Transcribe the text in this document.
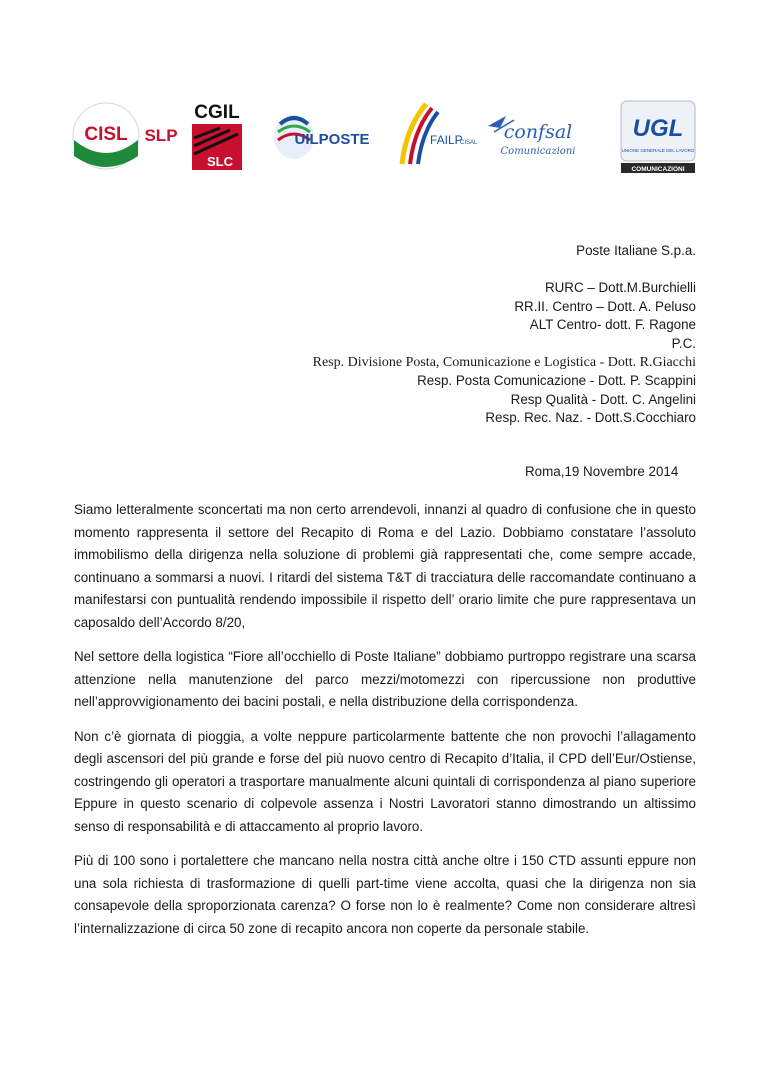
CISL SLP
CGIL
SLC
UILPOSTE	FAILP
CISAL confsal
Comunicazioni
UGL
UNIONE GENERALE DEL LAVORO
COMUNICAZIONI
Poste Italiane S.p.a.

RURC – Dott.M.Burchielli
RR.II. Centro – Dott. A. Peluso
ALT Centro- dott. F. Ragone
P.C.
Resp. Divisione Posta, Comunicazione e Logistica - Dott. R.Giacchi
Resp. Posta Comunicazione - Dott. P. Scappini
Resp Qualità - Dott. C. Angelini
Resp. Rec. Naz. - Dott.S.Cocchiaro
Roma,19 Novembre 2014

Siamo letteralmente sconcertati ma non certo arrendevoli, innanzi al quadro di confusione che in questo momento rappresenta il settore del Recapito di Roma e del Lazio. Dobbiamo constatare l’assoluto immobilismo della dirigenza nella soluzione di problemi già rappresentati che, come sempre accade, continuano a sommarsi a nuovi. I ritardi del sistema T&T di tracciatura delle raccomandate continuano a manifestarsi con puntualità rendendo impossibile il rispetto dell’ orario limite che pure rappresentava un caposaldo dell’Accordo 8/20,

Nel settore della logistica “Fiore all’occhiello di Poste Italiane” dobbiamo purtroppo registrare una scarsa attenzione nella manutenzione del parco mezzi/motomezzi con ripercussione non produttive nell’approvvigionamento dei bacini postali, e nella distribuzione della corrispondenza.

Non c’è giornata di pioggia, a volte neppure particolarmente battente che non provochi l’allagamento degli ascensori del più grande e forse del più nuovo centro di Recapito d’Italia, il CPD dell’Eur/Ostiense, costringendo gli operatori a trasportare manualmente alcuni quintali di corrispondenza al piano superiore Eppure in questo scenario di colpevole assenza i Nostri Lavoratori stanno dimostrando un altissimo senso di responsabilità e di attaccamento al proprio lavoro.

Più di 100 sono i portalettere che mancano nella nostra città anche oltre i 150 CTD assunti eppure non una sola richiesta di trasformazione di quelli part-time viene accolta, quasi che la dirigenza non sia consapevole della sproporzionata carenza? O forse non lo è realmente? Come non considerare altresì l’internalizzazione di circa 50 zone di recapito ancora non coperte da personale stabile.
